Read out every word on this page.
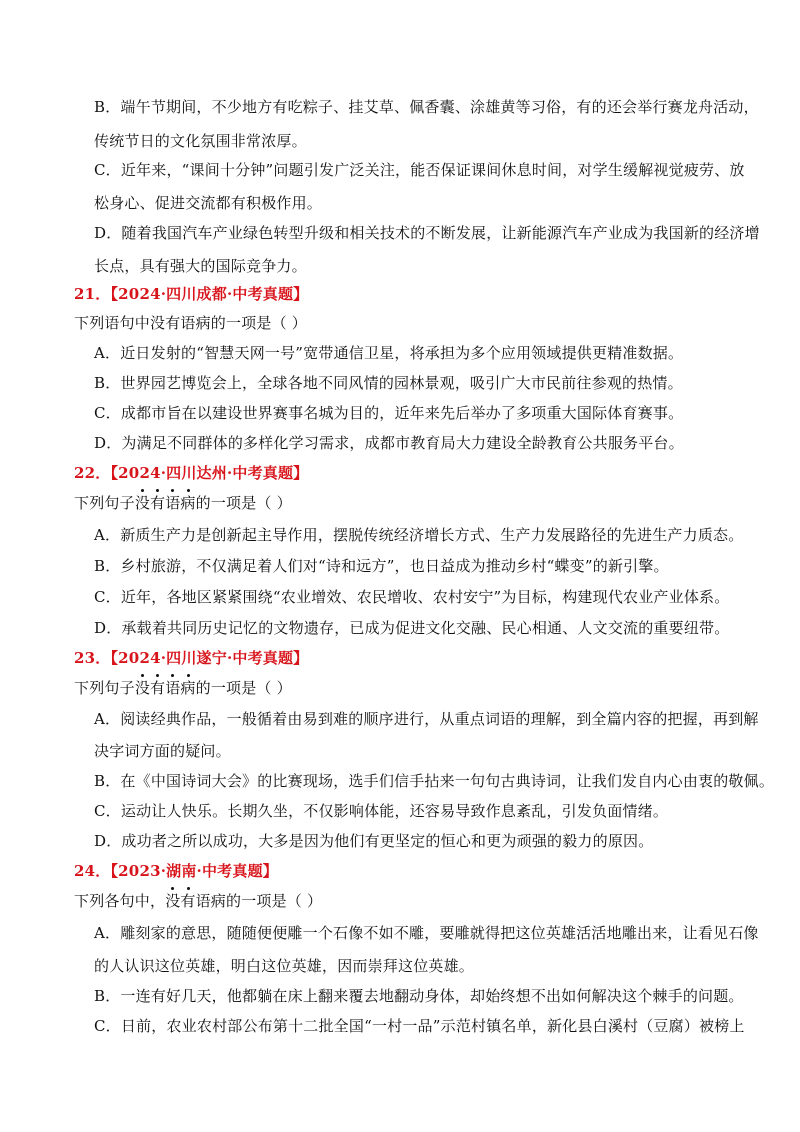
B．端午节期间，不少地方有吃粽子、挂艾草、佩香囊、涂雄黄等习俗，有的还会举行赛龙舟活动，
传统节日的文化氛围非常浓厚。
C．近年来，“课间十分钟”问题引发广泛关注，能否保证课间休息时间，对学生缓解视觉疲劳、放
松身心、促进交流都有积极作用。
D．随着我国汽车产业绿色转型升级和相关技术的不断发展，让新能源汽车产业成为我国新的经济增
长点，具有强大的国际竞争力。
21．【2024·四川成都·中考真题】
下列语句中没有语病的一项是（ ）
A．近日发射的“智慧天网一号”宽带通信卫星，将承担为多个应用领域提供更精准数据。
B．世界园艺博览会上，全球各地不同风情的园林景观，吸引广大市民前往参观的热情。
C．成都市旨在以建设世界赛事名城为目的，近年来先后举办了多项重大国际体育赛事。
D．为满足不同群体的多样化学习需求，成都市教育局大力建设全龄教育公共服务平台。
22．【2024·四川达州·中考真题】
下列句子没有语病的一项是（ ）
A．新质生产力是创新起主导作用，摆脱传统经济增长方式、生产力发展路径的先进生产力质态。
B．乡村旅游，不仅满足着人们对“诗和远方”，也日益成为推动乡村“蝶变”的新引擎。
C．近年，各地区紧紧围绕“农业增效、农民增收、农村安宁”为目标，构建现代农业产业体系。
D．承载着共同历史记忆的文物遗存，已成为促进文化交融、民心相通、人文交流的重要纽带。
23．【2024·四川遂宁·中考真题】
下列句子没有语病的一项是（ ）
A．阅读经典作品，一般循着由易到难的顺序进行，从重点词语的理解，到全篇内容的把握，再到解
决字词方面的疑问。
B．在《中国诗词大会》的比赛现场，选手们信手拈来一句句古典诗词，让我们发自内心由衷的敬佩。
C．运动让人快乐。长期久坐，不仅影响体能，还容易导致作息紊乱，引发负面情绪。
D．成功者之所以成功，大多是因为他们有更坚定的恒心和更为顽强的毅力的原因。
24．【2023·湖南·中考真题】
下列各句中，没有语病的一项是（ ）
A．雕刻家的意思，随随便便雕一个石像不如不雕，要雕就得把这位英雄活活地雕出来，让看见石像
的人认识这位英雄，明白这位英雄，因而崇拜这位英雄。
B．一连有好几天，他都躺在床上翻来覆去地翻动身体，却始终想不出如何解决这个棘手的问题。
C．日前，农业农村部公布第十二批全国“一村一品”示范村镇名单，新化县白溪村（豆腐）被榜上
